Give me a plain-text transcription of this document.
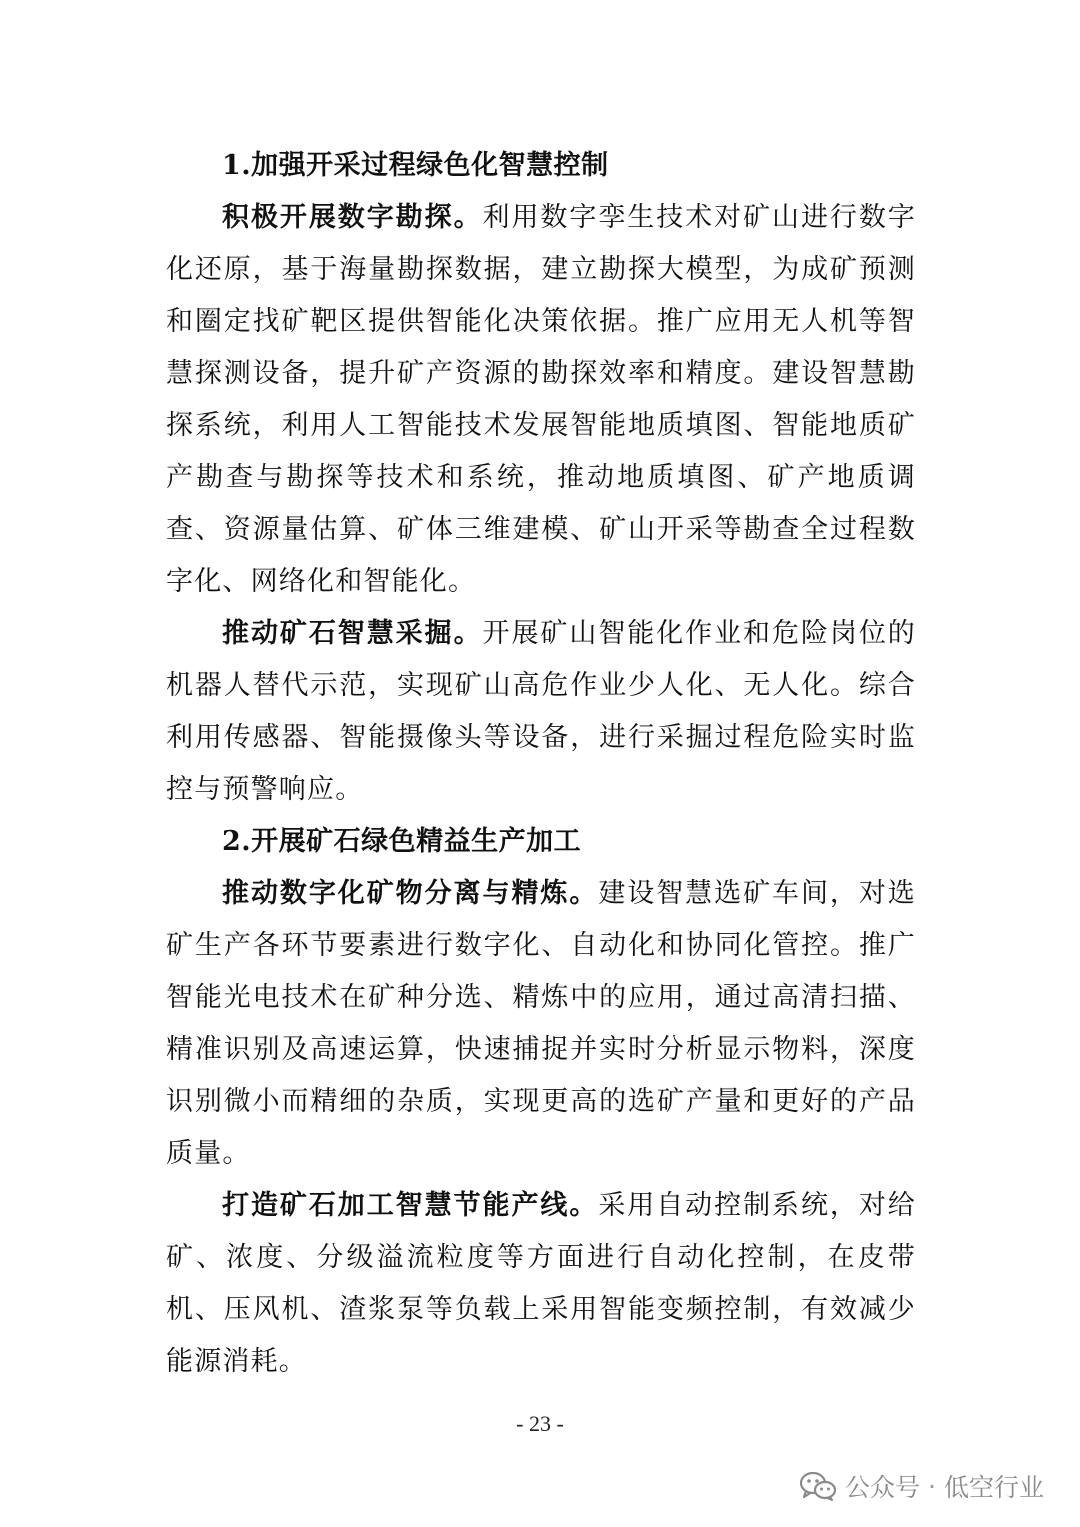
1.加强开采过程绿色化智慧控制

积极开展数字勘探。利用数字孪生技术对矿山进行数字化还原，基于海量勘探数据，建立勘探大模型，为成矿预测和圈定找矿靶区提供智能化决策依据。推广应用无人机等智慧探测设备，提升矿产资源的勘探效率和精度。建设智慧勘探系统，利用人工智能技术发展智能地质填图、智能地质矿产勘查与勘探等技术和系统，推动地质填图、矿产地质调查、资源量估算、矿体三维建模、矿山开采等勘查全过程数字化、网络化和智能化。

推动矿石智慧采掘。开展矿山智能化作业和危险岗位的机器人替代示范，实现矿山高危作业少人化、无人化。综合利用传感器、智能摄像头等设备，进行采掘过程危险实时监控与预警响应。

2.开展矿石绿色精益生产加工

推动数字化矿物分离与精炼。建设智慧选矿车间，对选矿生产各环节要素进行数字化、自动化和协同化管控。推广智能光电技术在矿种分选、精炼中的应用，通过高清扫描、精准识别及高速运算，快速捕捉并实时分析显示物料，深度识别微小而精细的杂质，实现更高的选矿产量和更好的产品质量。

打造矿石加工智慧节能产线。采用自动控制系统，对给矿、浓度、分级溢流粒度等方面进行自动化控制，在皮带机、压风机、渣浆泵等负载上采用智能变频控制，有效减少能源消耗。

- 23 -
公众号 · 低空行业
